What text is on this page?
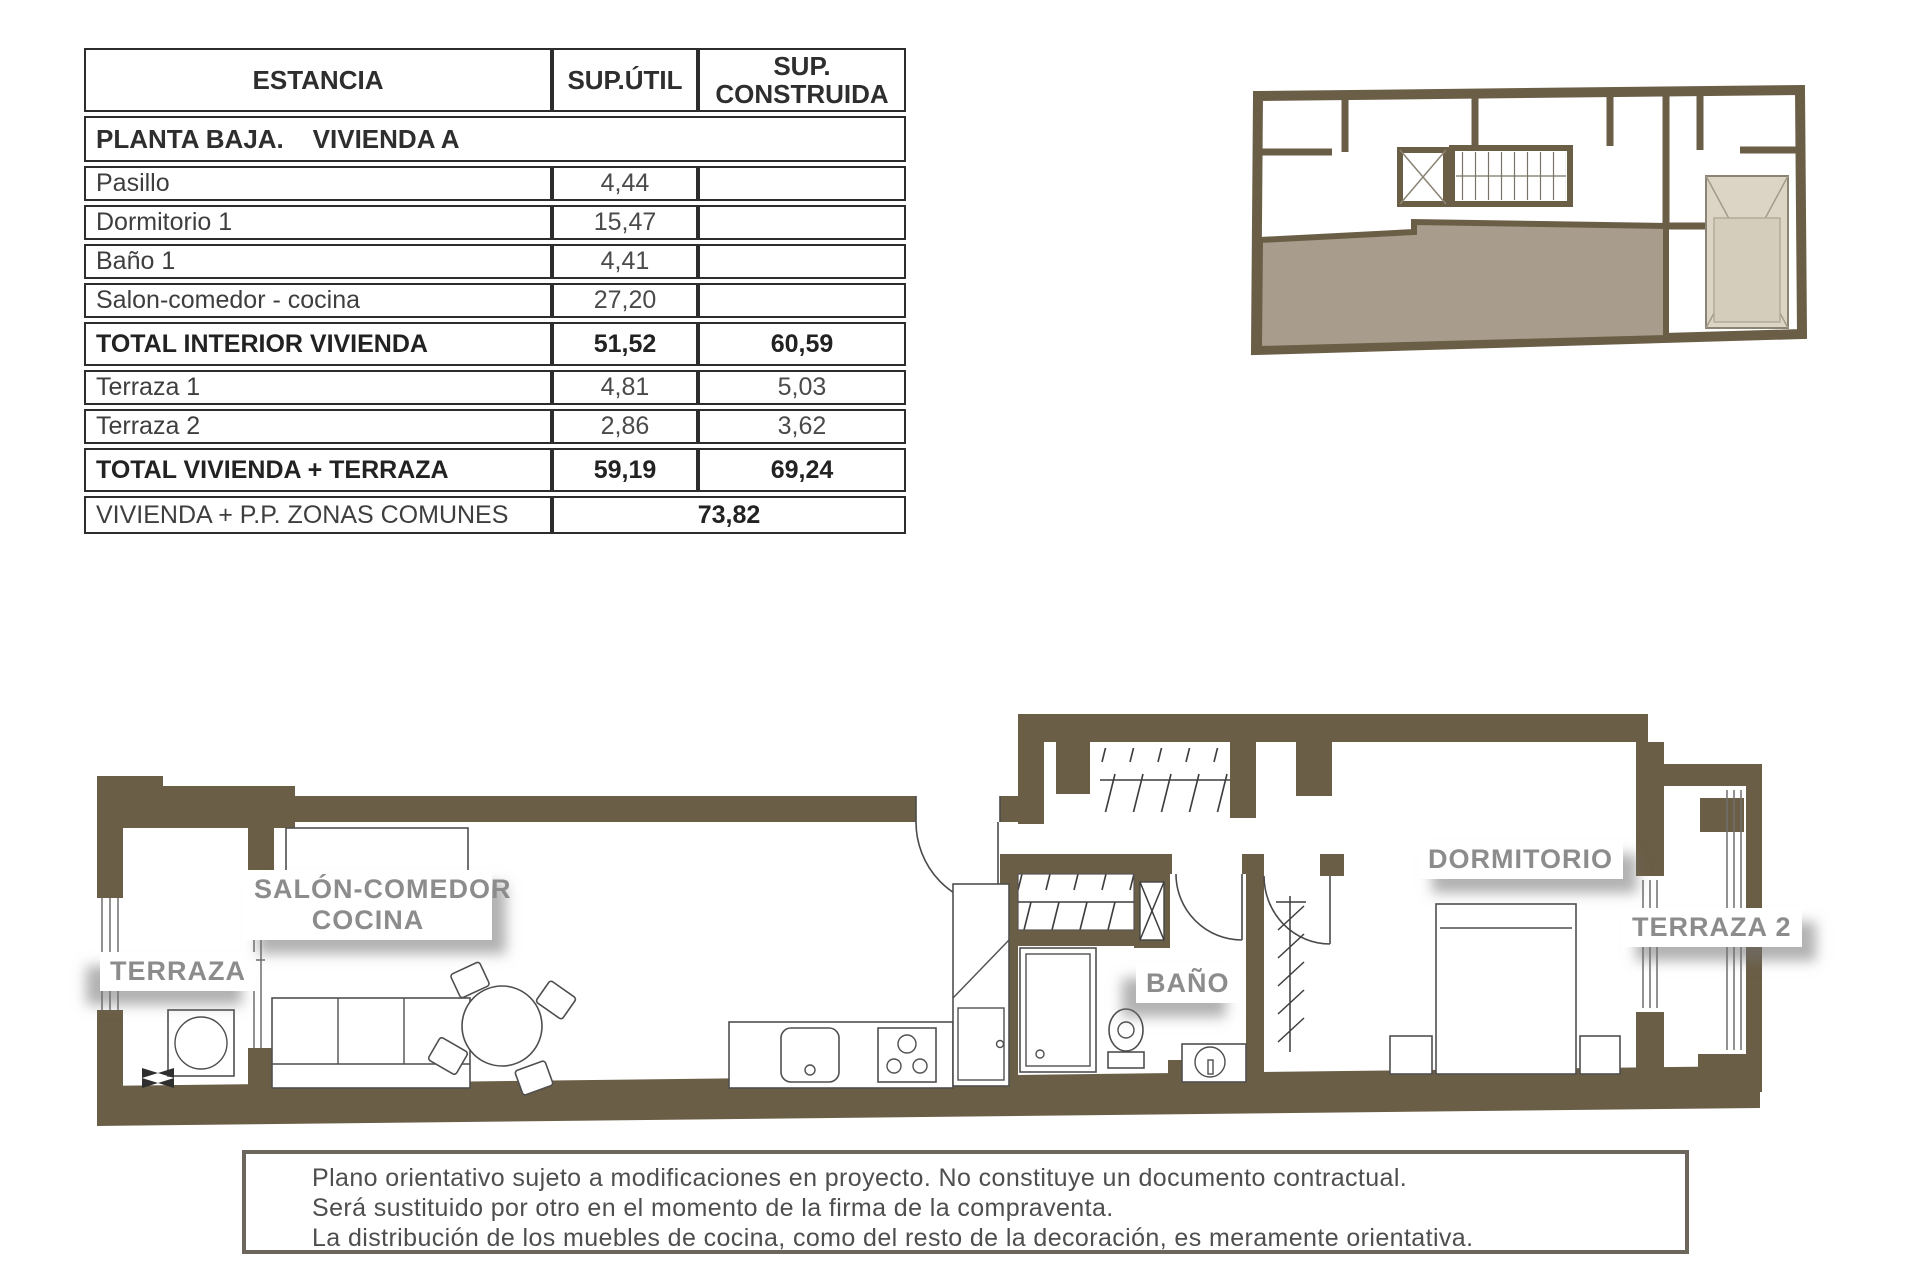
ESTANCIA	SUP.ÚTIL	SUP. CONSTRUIDA
PLANTA BAJA.    VIVIENDA A		
Pasillo	4,44	
Dormitorio 1	15,47	
Baño 1	4,41	
Salon-comedor - cocina	27,20	
TOTAL INTERIOR VIVIENDA	51,52	60,59
Terraza 1	4,81	5,03
Terraza 2	2,86	3,62
TOTAL VIVIENDA + TERRAZA	59,19	69,24
VIVIENDA + P.P. ZONAS COMUNES	73,82	
TERRAZA
SALÓN-COMEDOR
COCINA
BAÑO
DORMITORIO
TERRAZA 2
Plano orientativo sujeto a modificaciones en proyecto. No constituye un documento contractual.
Será sustituido por otro en el momento de la firma de la compraventa.
La distribución de los muebles de cocina, como del resto de la decoración, es meramente orientativa.
